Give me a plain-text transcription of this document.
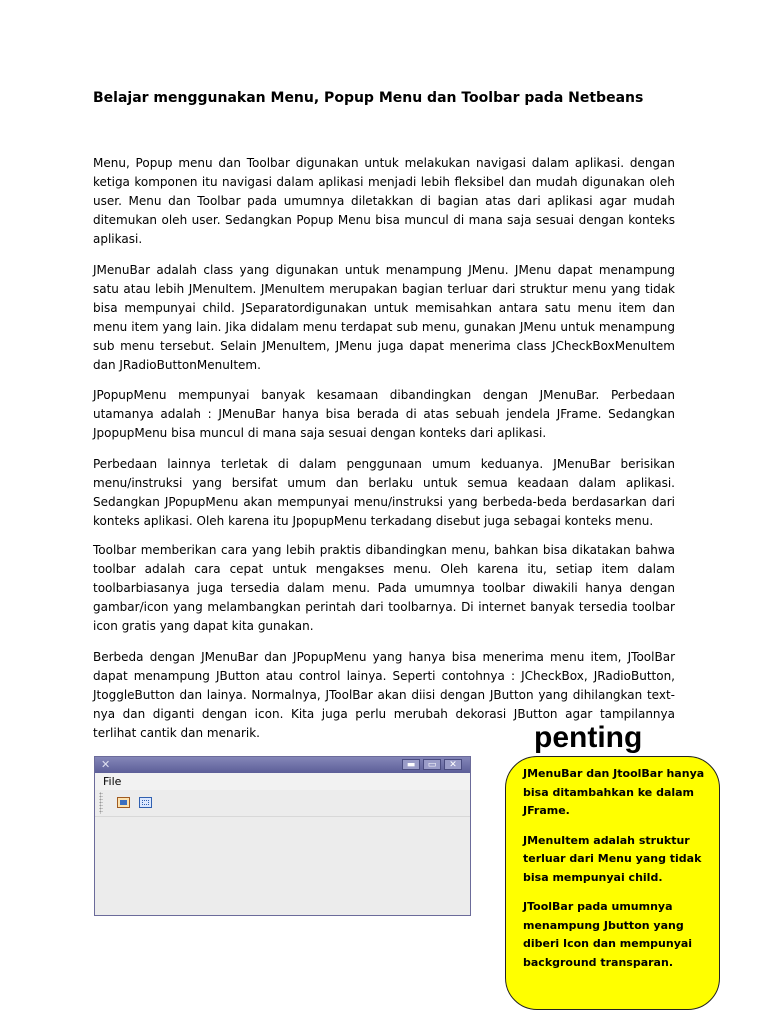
Belajar menggunakan Menu, Popup Menu dan Toolbar pada Netbeans

Menu, Popup menu dan Toolbar digunakan untuk melakukan navigasi dalam aplikasi. dengan ketiga komponen itu navigasi dalam aplikasi menjadi lebih fleksibel dan mudah digunakan oleh user. Menu dan Toolbar pada umumnya diletakkan di bagian atas dari aplikasi agar mudah ditemukan oleh user. Sedangkan Popup Menu bisa muncul di mana saja sesuai dengan konteks aplikasi.

JMenuBar adalah class yang digunakan untuk menampung JMenu. JMenu dapat menampung satu atau lebih JMenuItem. JMenuItem merupakan bagian terluar dari struktur menu yang tidak bisa mempunyai child. JSeparatordigunakan untuk memisahkan antara satu menu item dan menu item yang lain. Jika didalam menu terdapat sub menu, gunakan JMenu untuk menampung sub menu tersebut. Selain JMenuItem, JMenu juga dapat menerima class JCheckBoxMenuItem dan JRadioButtonMenuItem.

JPopupMenu mempunyai banyak kesamaan dibandingkan dengan JMenuBar. Perbedaan utamanya adalah : JMenuBar hanya bisa berada di atas sebuah jendela JFrame. Sedangkan JpopupMenu bisa muncul di mana saja sesuai dengan konteks dari aplikasi.

Perbedaan lainnya terletak di dalam penggunaan umum keduanya. JMenuBar berisikan menu/instruksi yang bersifat umum dan berlaku untuk semua keadaan dalam aplikasi. Sedangkan JPopupMenu akan mempunyai menu/instruksi yang berbeda-beda berdasarkan dari konteks aplikasi. Oleh karena itu JpopupMenu terkadang disebut juga sebagai konteks menu.

Toolbar memberikan cara yang lebih praktis dibandingkan menu, bahkan bisa dikatakan bahwa toolbar adalah cara cepat untuk mengakses menu. Oleh karena itu, setiap item dalam toolbarbiasanya juga tersedia dalam menu. Pada umumnya toolbar diwakili hanya dengan gambar/icon yang melambangkan perintah dari toolbarnya. Di internet banyak tersedia toolbar icon gratis yang dapat kita gunakan.

Berbeda dengan JMenuBar dan JPopupMenu yang hanya bisa menerima menu item, JToolBar dapat menampung JButton atau control lainya. Seperti contohnya : JCheckBox, JRadioButton, JtoggleButton dan lainya. Normalnya, JToolBar akan diisi dengan JButton yang dihilangkan text-nya dan diganti dengan icon. Kita juga perlu merubah dekorasi JButton agar tampilannya terlihat cantik dan menarik.

✕	▬	▭	✕
File
penting

JMenuBar dan JtoolBar hanya bisa ditambahkan ke dalam JFrame.

JMenuItem adalah struktur terluar dari Menu yang tidak bisa mempunyai child.

JToolBar pada umumnya menampung Jbutton yang diberi Icon dan mempunyai background transparan.
